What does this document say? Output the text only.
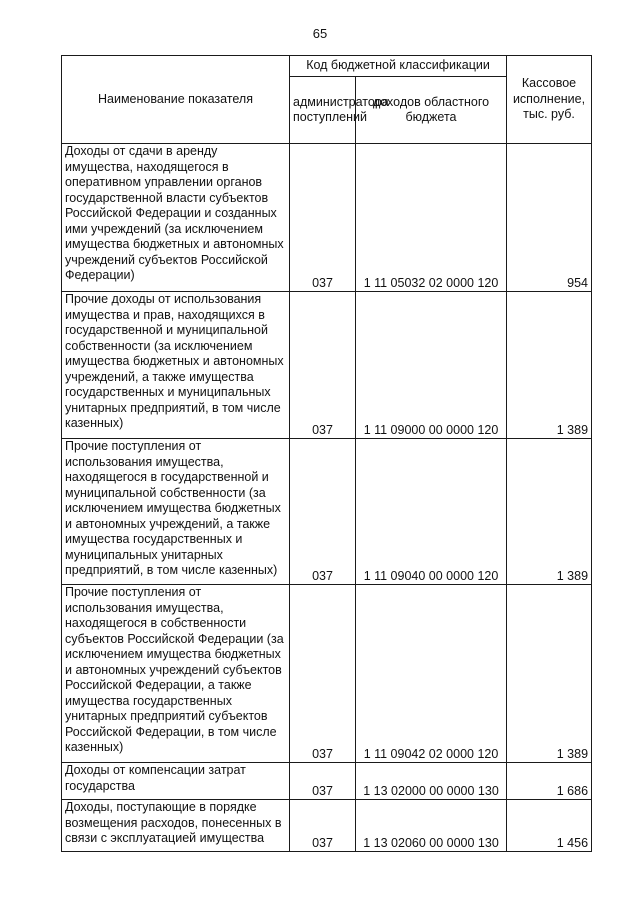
65
Наименование показателя	Код бюджетной классификации		Кассовое исполнение, тыс. руб.
	администратора поступлений	доходов областного бюджета	
Доходы от сдачи в аренду имущества, находящегося в оперативном управлении органов государственной власти субъектов Российской Федерации и созданных ими учреждений (за исключением имущества бюджетных и автономных учреждений субъектов Российской Федерации)	037	1 11 05032 02 0000 120	954
Прочие доходы от использования имущества и прав, находящихся в государственной и муниципальной собственности (за исключением имущества бюджетных и автономных учреждений, а также имущества государственных и муниципальных унитарных предприятий, в том числе казенных)	037	1 11 09000 00 0000 120	1 389
Прочие поступления от использования имущества, находящегося в государственной и муниципальной собственности (за исключением имущества бюджетных и автономных учреждений, а также имущества государственных и муниципальных унитарных предприятий, в том числе казенных)	037	1 11 09040 00 0000 120	1 389
Прочие поступления от использования имущества, находящегося в собственности субъектов Российской Федерации (за исключением имущества бюджетных и автономных учреждений субъектов Российской Федерации, а также имущества государственных унитарных предприятий субъектов Российской Федерации, в том числе казенных)	037	1 11 09042 02 0000 120	1 389
Доходы от компенсации затрат государства	037	1 13 02000 00 0000 130	1 686
Доходы, поступающие в порядке возмещения расходов, понесенных в связи с эксплуатацией имущества	037	1 13 02060 00 0000 130	1 456
